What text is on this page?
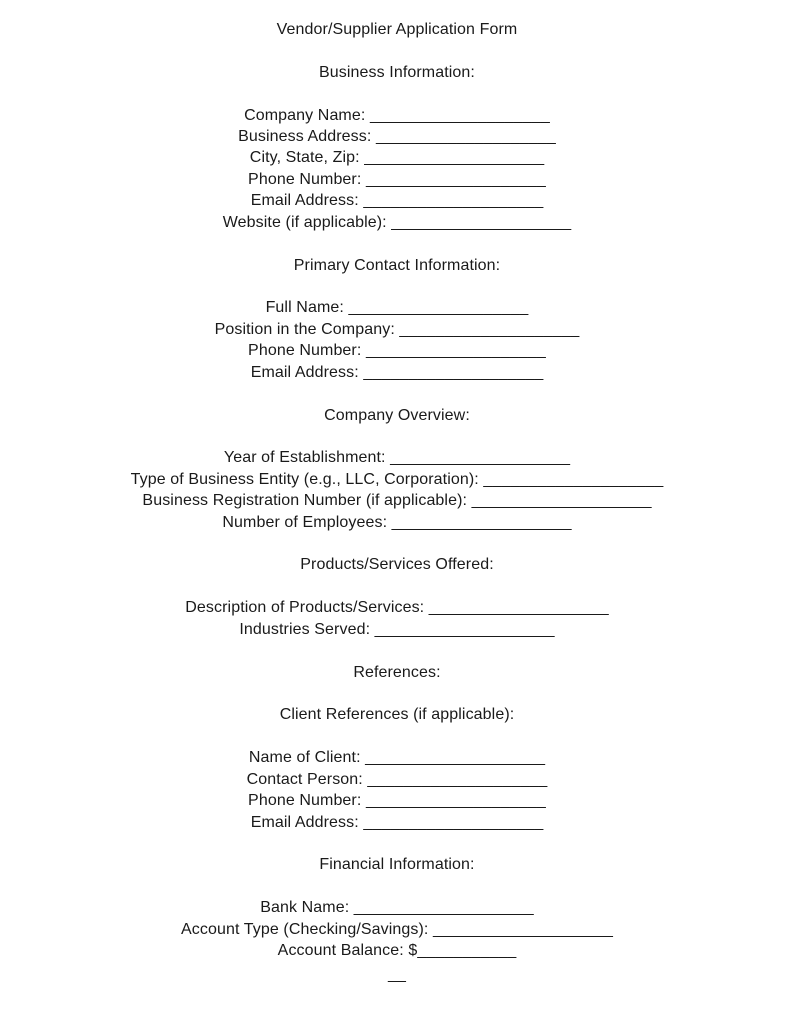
Vendor/Supplier Application Form
Business Information:
Company Name: ____________________
Business Address: ____________________
City, State, Zip: ____________________
Phone Number: ____________________
Email Address: ____________________
Website (if applicable): ____________________
Primary Contact Information:
Full Name: ____________________
Position in the Company: ____________________
Phone Number: ____________________
Email Address: ____________________
Company Overview:
Year of Establishment: ____________________
Type of Business Entity (e.g., LLC, Corporation): ____________________
Business Registration Number (if applicable): ____________________
Number of Employees: ____________________
Products/Services Offered:
Description of Products/Services: ____________________
Industries Served: ____________________
References:
Client References (if applicable):
Name of Client: ____________________
Contact Person: ____________________
Phone Number: ____________________
Email Address: ____________________
Financial Information:
Bank Name: ____________________
Account Type (Checking/Savings): ____________________
Account Balance: $___________
__
